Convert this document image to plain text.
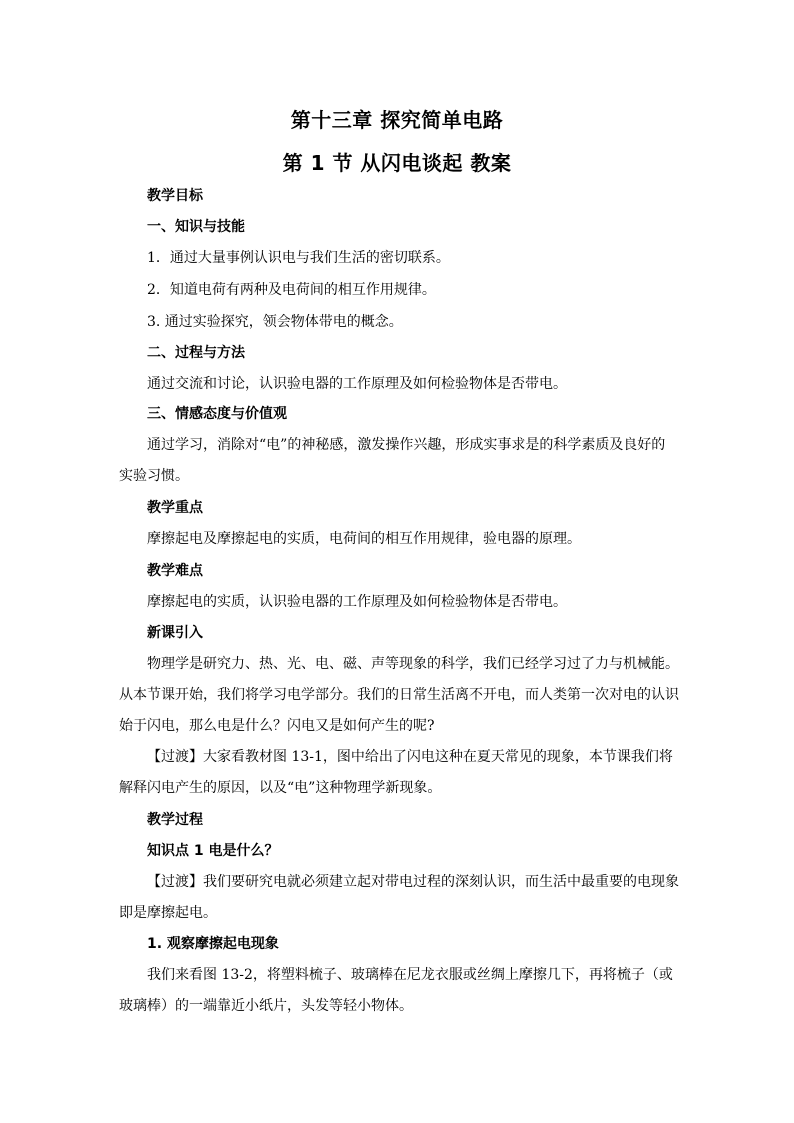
第十三章 探究简单电路
第 1 节 从闪电谈起 教案
教学目标
一、知识与技能
1．通过大量事例认识电与我们生活的密切联系。
2．知道电荷有两种及电荷间的相互作用规律。
3. 通过实验探究，领会物体带电的概念。
二、过程与方法
通过交流和讨论，认识验电器的工作原理及如何检验物体是否带电。
三、情感态度与价值观
通过学习，消除对“电”的神秘感，激发操作兴趣，形成实事求是的科学素质及良好的
实验习惯。
教学重点
摩擦起电及摩擦起电的实质，电荷间的相互作用规律，验电器的原理。
教学难点
摩擦起电的实质，认识验电器的工作原理及如何检验物体是否带电。
新课引入
物理学是研究力、热、光、电、磁、声等现象的科学，我们已经学习过了力与机械能。
从本节课开始，我们将学习电学部分。我们的日常生活离不开电，而人类第一次对电的认识
始于闪电，那么电是什么？闪电又是如何产生的呢?
【过渡】大家看教材图 13-1，图中给出了闪电这种在夏天常见的现象，本节课我们将
解释闪电产生的原因，以及“电”这种物理学新现象。
教学过程
知识点 1 电是什么？
【过渡】我们要研究电就必须建立起对带电过程的深刻认识，而生活中最重要的电现象
即是摩擦起电。
1. 观察摩擦起电现象
我们来看图 13-2，将塑料梳子、玻璃棒在尼龙衣服或丝绸上摩擦几下，再将梳子（或
玻璃棒）的一端靠近小纸片，头发等轻小物体。
